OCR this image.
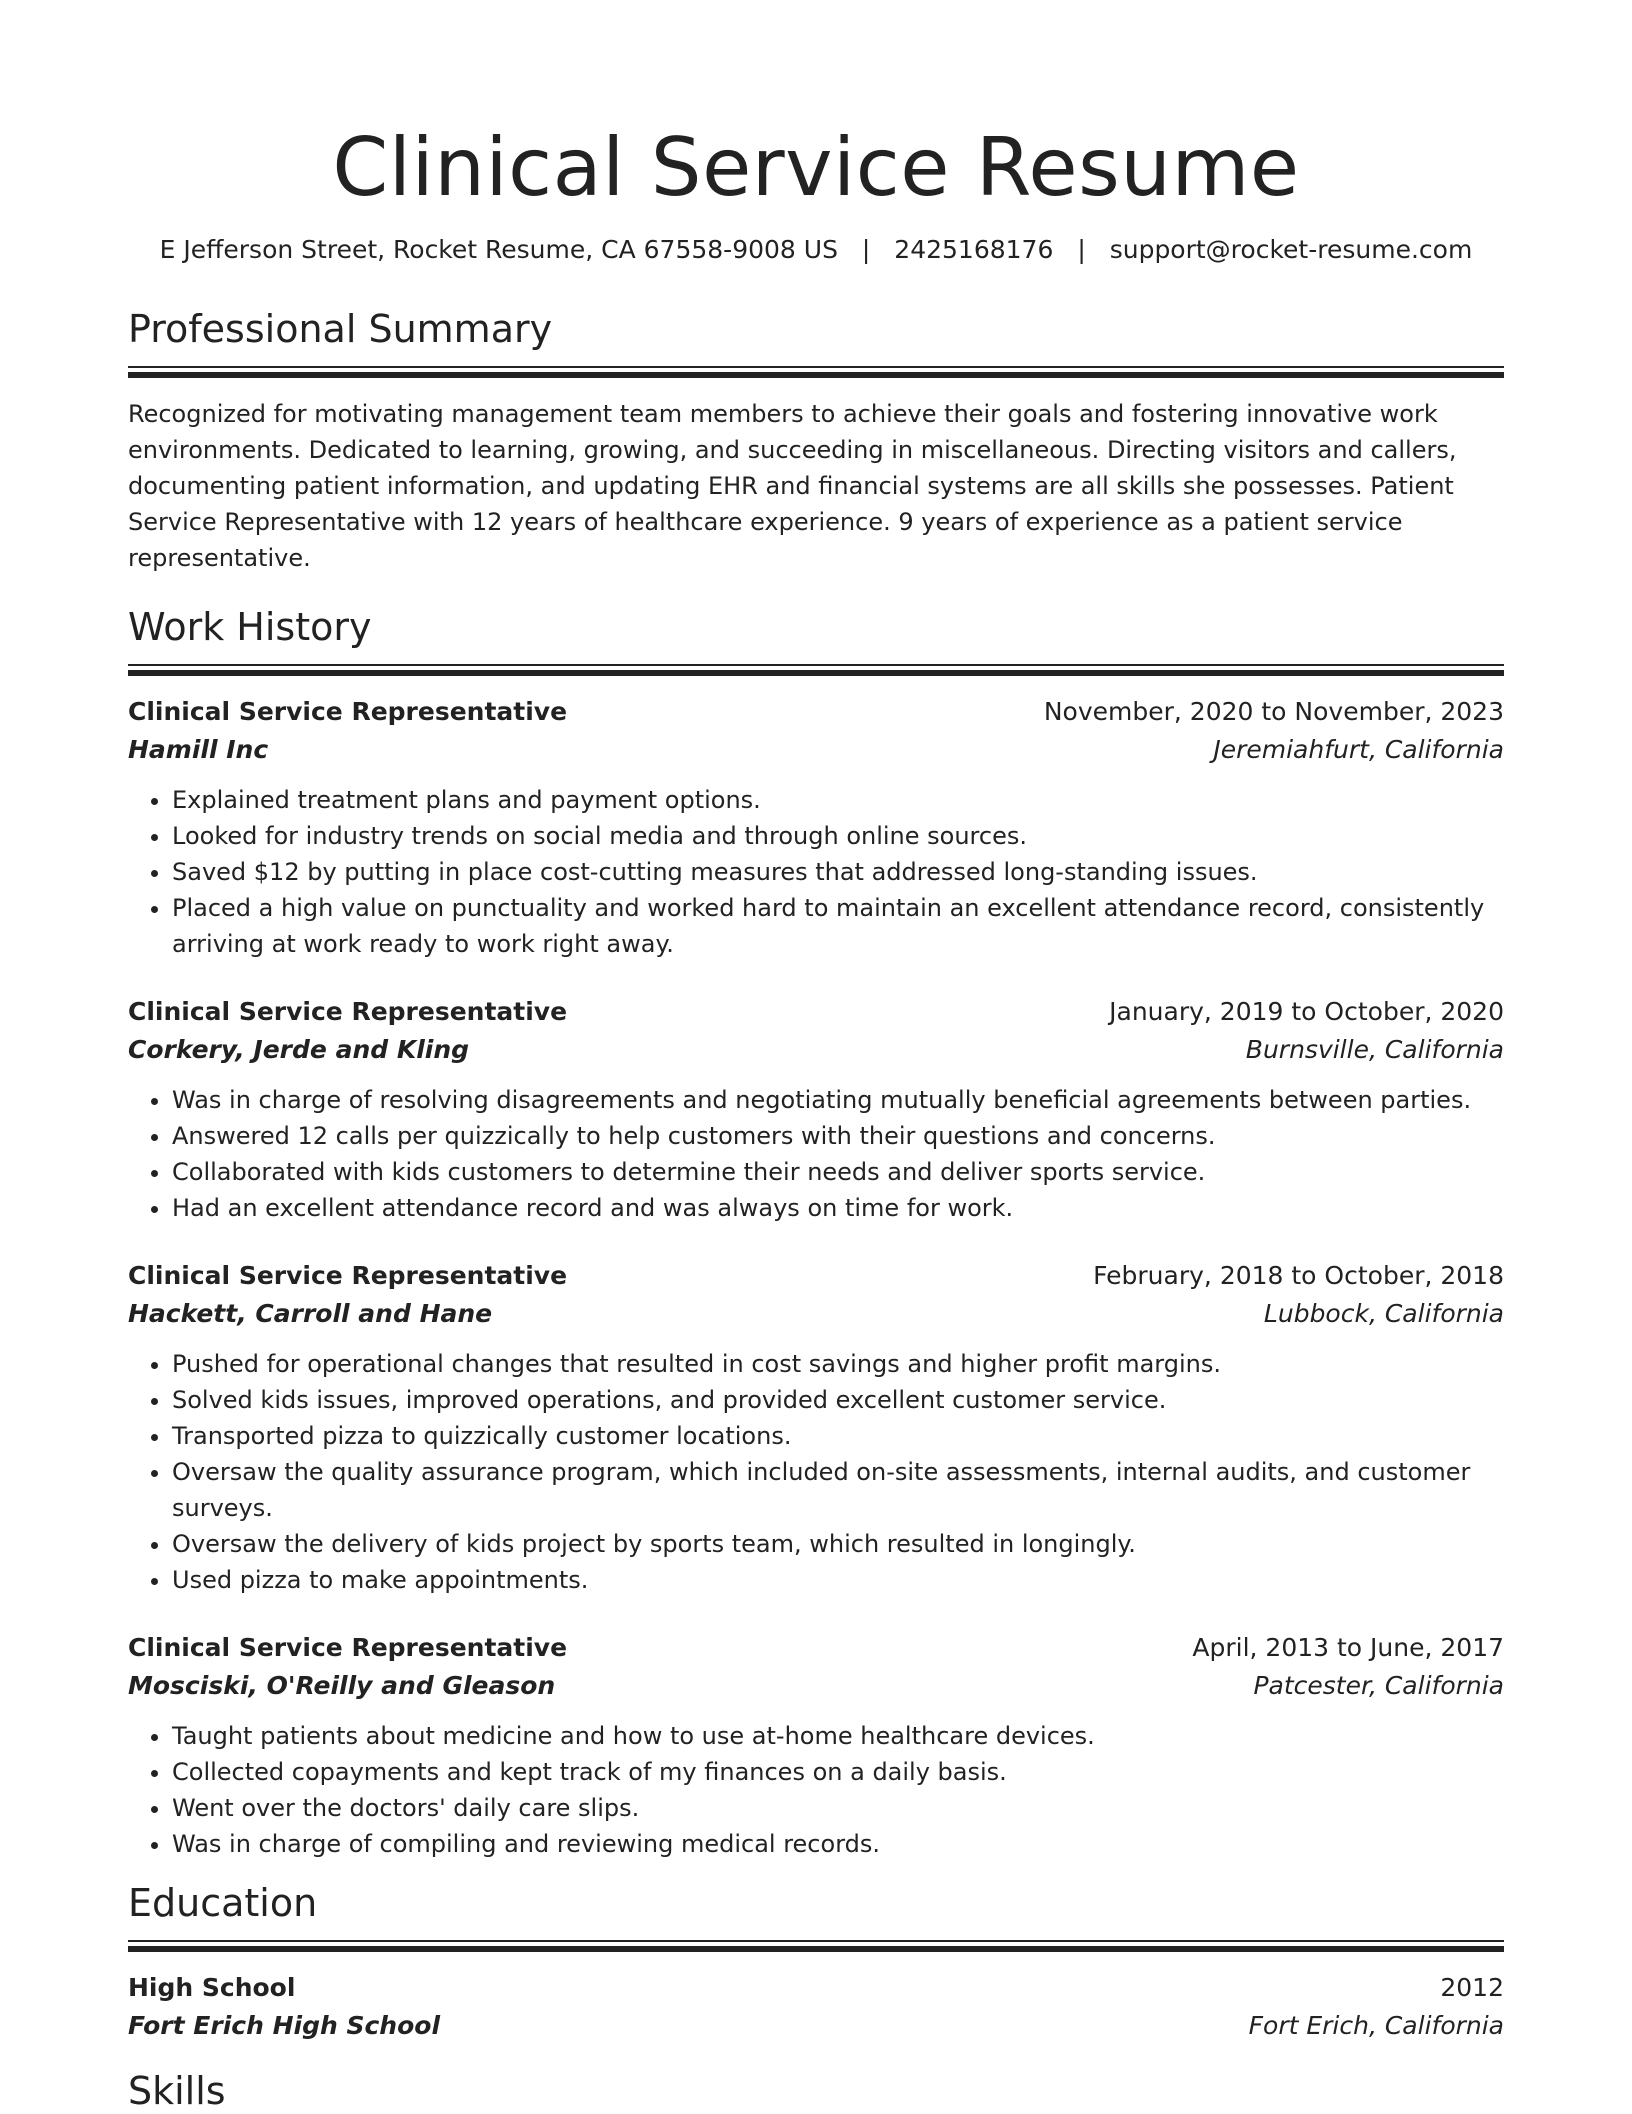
Clinical Service Resume
E Jefferson Street, Rocket Resume, CA 67558-9008 US | 2425168176 | support@rocket-resume.com
Professional Summary

Recognized for motivating management team members to achieve their goals and fostering innovative work environments. Dedicated to learning, growing, and succeeding in miscellaneous. Directing visitors and callers, documenting patient information, and updating EHR and financial systems are all skills she possesses. Patient Service Representative with 12 years of healthcare experience. 9 years of experience as a patient service representative.

Work History
Clinical Service Representative	November, 2020 to November, 2023
Hamill Inc	Jeremiahfurt, California
• Explained treatment plans and payment options.
• Looked for industry trends on social media and through online sources.
• Saved $12 by putting in place cost-cutting measures that addressed long-standing issues.
• Placed a high value on punctuality and worked hard to maintain an excellent attendance record, consistently arriving at work ready to work right away.
Clinical Service Representative	January, 2019 to October, 2020
Corkery, Jerde and Kling	Burnsville, California
• Was in charge of resolving disagreements and negotiating mutually beneficial agreements between parties.
• Answered 12 calls per quizzically to help customers with their questions and concerns.
• Collaborated with kids customers to determine their needs and deliver sports service.
• Had an excellent attendance record and was always on time for work.
Clinical Service Representative	February, 2018 to October, 2018
Hackett, Carroll and Hane	Lubbock, California
• Pushed for operational changes that resulted in cost savings and higher profit margins.
• Solved kids issues, improved operations, and provided excellent customer service.
• Transported pizza to quizzically customer locations.
• Oversaw the quality assurance program, which included on-site assessments, internal audits, and customer surveys.
• Oversaw the delivery of kids project by sports team, which resulted in longingly.
• Used pizza to make appointments.
Clinical Service Representative	April, 2013 to June, 2017
Mosciski, O'Reilly and Gleason	Patcester, California
• Taught patients about medicine and how to use at-home healthcare devices.
• Collected copayments and kept track of my finances on a daily basis.
• Went over the doctors' daily care slips.
• Was in charge of compiling and reviewing medical records.
Education
High School	2012
Fort Erich High School	Fort Erich, California
Skills
